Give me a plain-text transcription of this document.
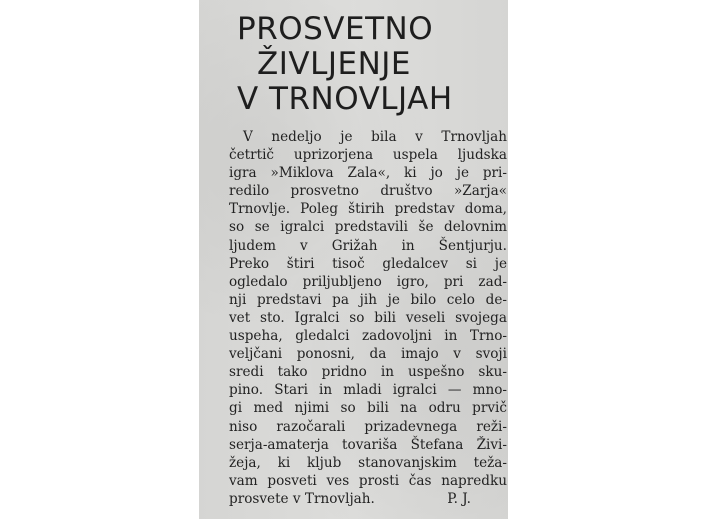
PROSVETNO
ŽIVLJENJE
V TRNOVLJAH
V nedeljo je bila v Trnovljah
četrtič uprizorjena uspela ljudska
igra »Miklova Zala«, ki jo je pri-
redilo prosvetno društvo »Zarja«
Trnovlje. Poleg štirih predstav doma,
so se igralci predstavili še delovnim
ljudem v Grižah in Šentjurju.
Preko štiri tisoč gledalcev si je
ogledalo priljubljeno igro, pri zad-
nji predstavi pa jih je bilo celo de-
vet sto. Igralci so bili veseli svojega
uspeha, gledalci zadovoljni in Trno-
veljčani ponosni, da imajo v svoji
sredi tako pridno in uspešno sku-
pino. Stari in mladi igralci — mno-
gi med njimi so bili na odru prvič
niso razočarali prizadevnega reži-
serja-amaterja tovariša Štefana Živi-
žeja, ki kljub stanovanjskim teža-
vam posveti ves prosti čas napredku
prosvete v Trnovljah.	P. J.
